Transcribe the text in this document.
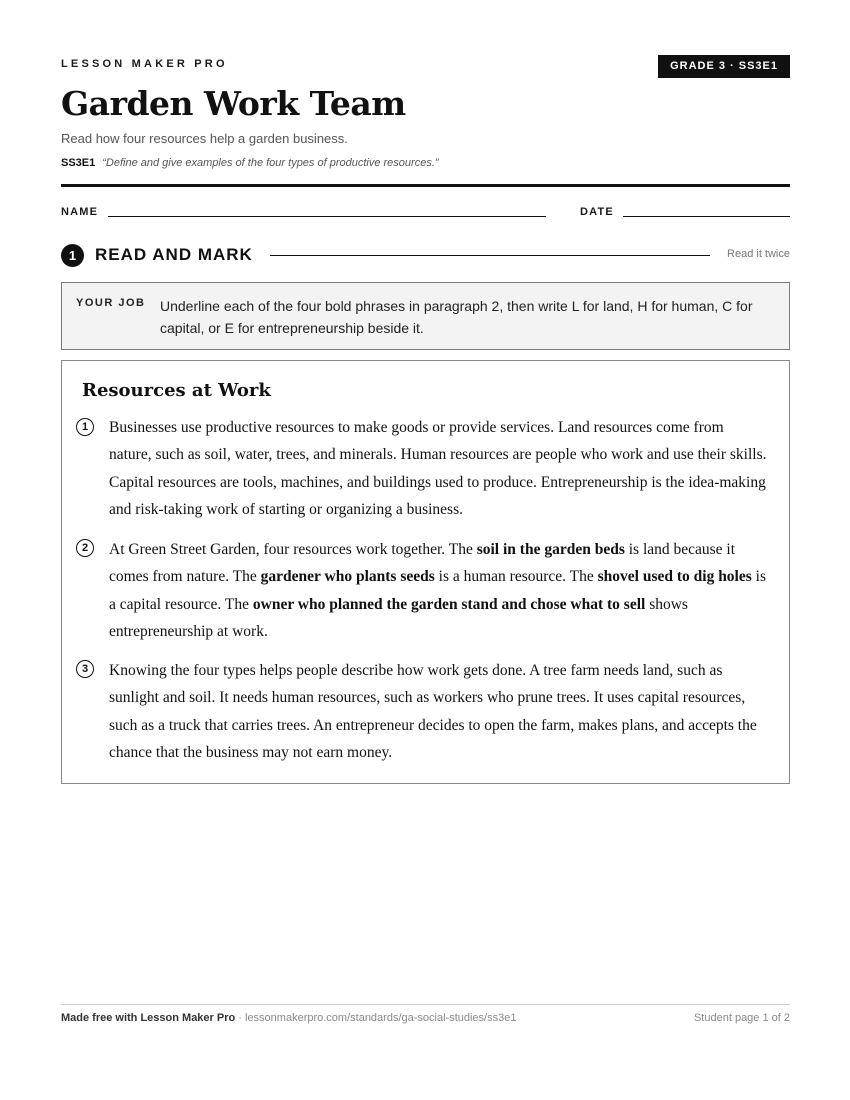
LESSON MAKER PRO	GRADE 3 · SS3E1
Garden Work Team
Read how four resources help a garden business.
SS3E1 “Define and give examples of the four types of productive resources.”
NAME	DATE
1	READ AND MARK	Read it twice
YOUR JOB Underline each of the four bold phrases in paragraph 2, then write L for land, H for human, C for capital, or E for entrepreneurship beside it.
Resources at Work
1	Businesses use productive resources to make goods or provide services. Land resources come from nature, such as soil, water, trees, and minerals. Human resources are people who work and use their skills. Capital resources are tools, machines, and buildings used to produce. Entrepreneurship is the idea-making and risk-taking work of starting or organizing a business.
2	At Green Street Garden, four resources work together. The soil in the garden beds is land because it comes from nature. The gardener who plants seeds is a human resource. The shovel used to dig holes is a capital resource. The owner who planned the garden stand and chose what to sell shows entrepreneurship at work.
3	Knowing the four types helps people describe how work gets done. A tree farm needs land, such as sunlight and soil. It needs human resources, such as workers who prune trees. It uses capital resources, such as a truck that carries trees. An entrepreneur decides to open the farm, makes plans, and accepts the chance that the business may not earn money.
Made free with Lesson Maker Pro · lessonmakerpro.com/standards/ga-social-studies/ss3e1	Student page 1 of 2
